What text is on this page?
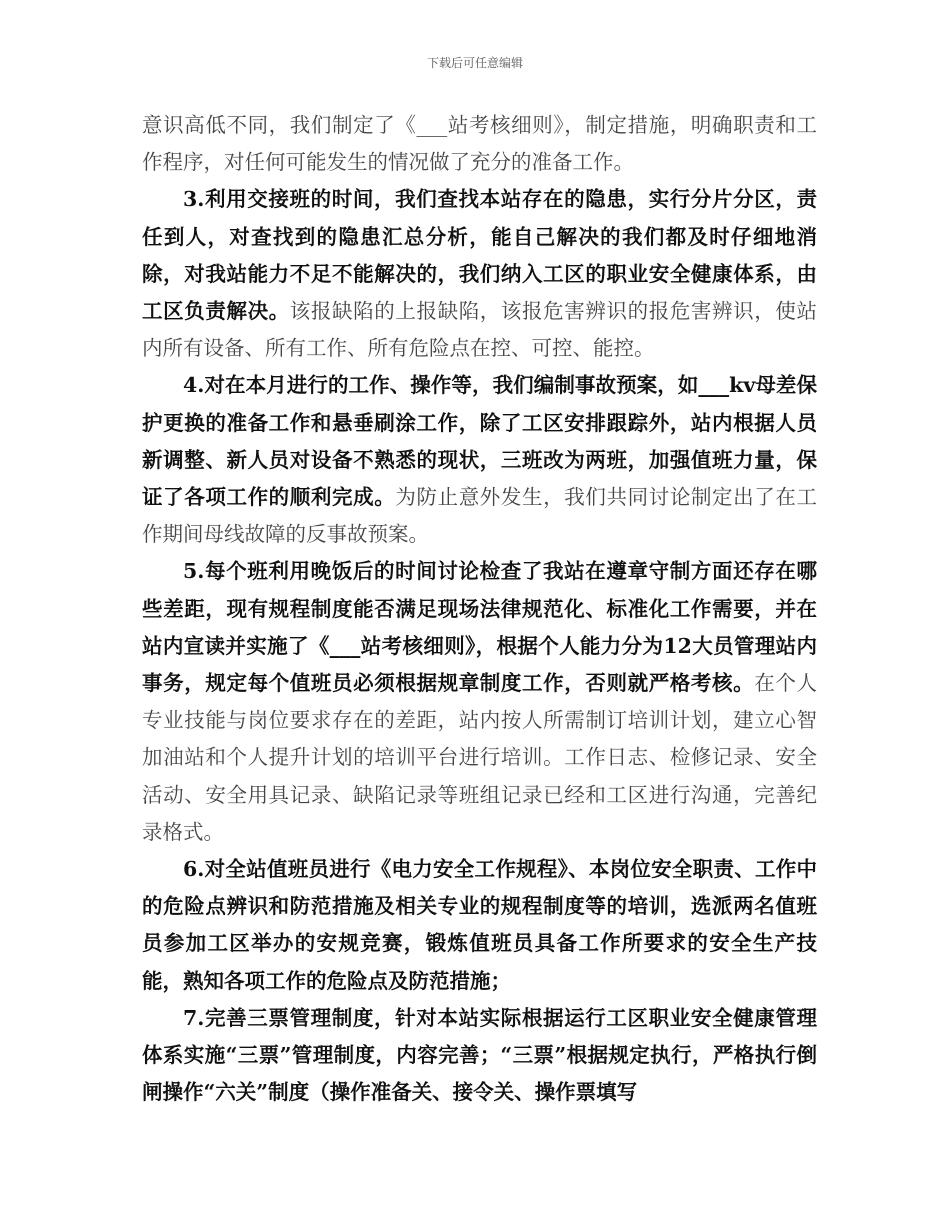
下载后可任意编辑

意识高低不同，我们制定了《___站考核细则》，制定措施，明确职责和工作程序，对任何可能发生的情况做了充分的准备工作。

3.利用交接班的时间，我们查找本站存在的隐患，实行分片分区，责任到人，对查找到的隐患汇总分析，能自己解决的我们都及时仔细地消除，对我站能力不足不能解决的，我们纳入工区的职业安全健康体系，由工区负责解决。该报缺陷的上报缺陷，该报危害辨识的报危害辨识，使站内所有设备、所有工作、所有危险点在控、可控、能控。

4.对在本月进行的工作、操作等，我们编制事故预案，如___kv母差保护更换的准备工作和悬垂刷涂工作，除了工区安排跟踪外，站内根据人员新调整、新人员对设备不熟悉的现状，三班改为两班，加强值班力量，保证了各项工作的顺利完成。为防止意外发生，我们共同讨论制定出了在工作期间母线故障的反事故预案。

5.每个班利用晚饭后的时间讨论检查了我站在遵章守制方面还存在哪些差距，现有规程制度能否满足现场法律规范化、标准化工作需要，并在站内宣读并实施了《___站考核细则》，根据个人能力分为12大员管理站内事务，规定每个值班员必须根据规章制度工作，否则就严格考核。在个人专业技能与岗位要求存在的差距，站内按人所需制订培训计划，建立心智加油站和个人提升计划的培训平台进行培训。工作日志、检修记录、安全活动、安全用具记录、缺陷记录等班组记录已经和工区进行沟通，完善纪录格式。

6.对全站值班员进行《电力安全工作规程》、本岗位安全职责、工作中的危险点辨识和防范措施及相关专业的规程制度等的培训，选派两名值班员参加工区举办的安规竞赛，锻炼值班员具备工作所要求的安全生产技能，熟知各项工作的危险点及防范措施；

7.完善三票管理制度，针对本站实际根据运行工区职业安全健康管理体系实施“三票”管理制度，内容完善；“三票”根据规定执行，严格执行倒闸操作“六关”制度（操作准备关、接令关、操作票填写
